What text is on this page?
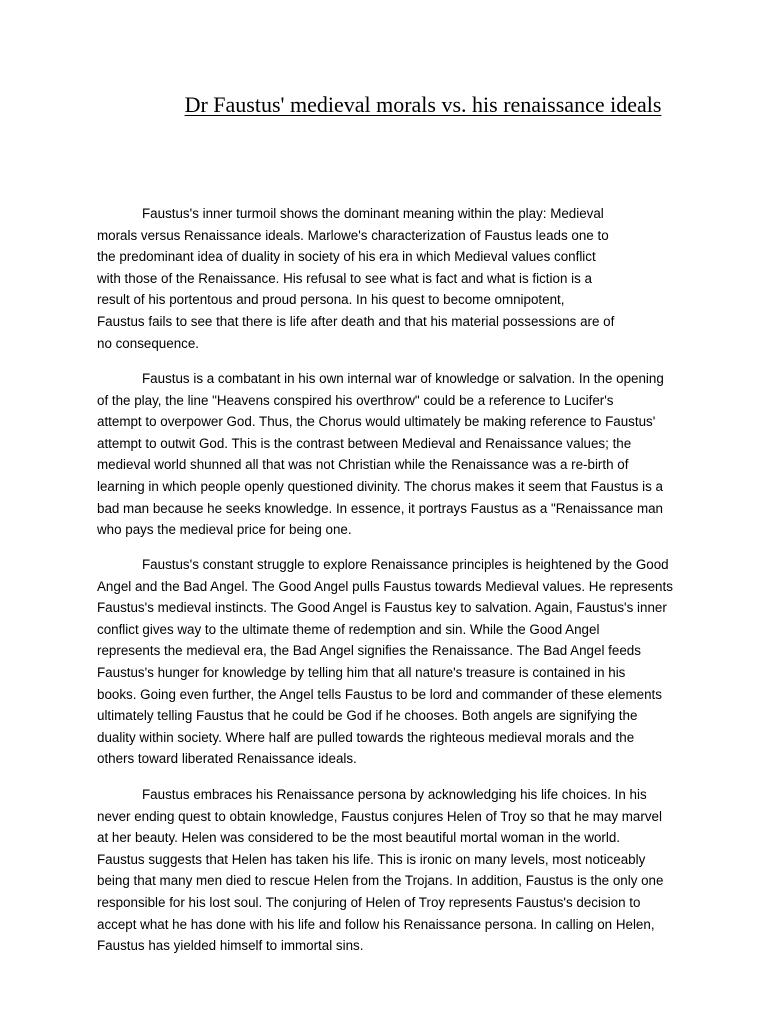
Dr Faustus' medieval morals vs. his renaissance ideals

Faustus's inner turmoil shows the dominant meaning within the play: Medieval
morals versus Renaissance ideals. Marlowe's characterization of Faustus leads one to
the predominant idea of duality in society of his era in which Medieval values conflict
with those of the Renaissance. His refusal to see what is fact and what is fiction is a
result of his portentous and proud persona. In his quest to become omnipotent,
Faustus fails to see that there is life after death and that his material possessions are of
no consequence.

Faustus is a combatant in his own internal war of knowledge or salvation. In the opening
of the play, the line "Heavens conspired his overthrow" could be a reference to Lucifer's
attempt to overpower God. Thus, the Chorus would ultimately be making reference to Faustus'
attempt to outwit God. This is the contrast between Medieval and Renaissance values; the
medieval world shunned all that was not Christian while the Renaissance was a re-birth of
learning in which people openly questioned divinity. The chorus makes it seem that Faustus is a
bad man because he seeks knowledge. In essence, it portrays Faustus as a "Renaissance man
who pays the medieval price for being one.

Faustus's constant struggle to explore Renaissance principles is heightened by the Good
Angel and the Bad Angel. The Good Angel pulls Faustus towards Medieval values. He represents
Faustus's medieval instincts. The Good Angel is Faustus key to salvation. Again, Faustus's inner
conflict gives way to the ultimate theme of redemption and sin. While the Good Angel
represents the medieval era, the Bad Angel signifies the Renaissance. The Bad Angel feeds
Faustus's hunger for knowledge by telling him that all nature's treasure is contained in his
books. Going even further, the Angel tells Faustus to be lord and commander of these elements
ultimately telling Faustus that he could be God if he chooses. Both angels are signifying the
duality within society. Where half are pulled towards the righteous medieval morals and the
others toward liberated Renaissance ideals.

Faustus embraces his Renaissance persona by acknowledging his life choices. In his
never ending quest to obtain knowledge, Faustus conjures Helen of Troy so that he may marvel
at her beauty. Helen was considered to be the most beautiful mortal woman in the world.
Faustus suggests that Helen has taken his life. This is ironic on many levels, most noticeably
being that many men died to rescue Helen from the Trojans. In addition, Faustus is the only one
responsible for his lost soul. The conjuring of Helen of Troy represents Faustus's decision to
accept what he has done with his life and follow his Renaissance persona. In calling on Helen,
Faustus has yielded himself to immortal sins.
